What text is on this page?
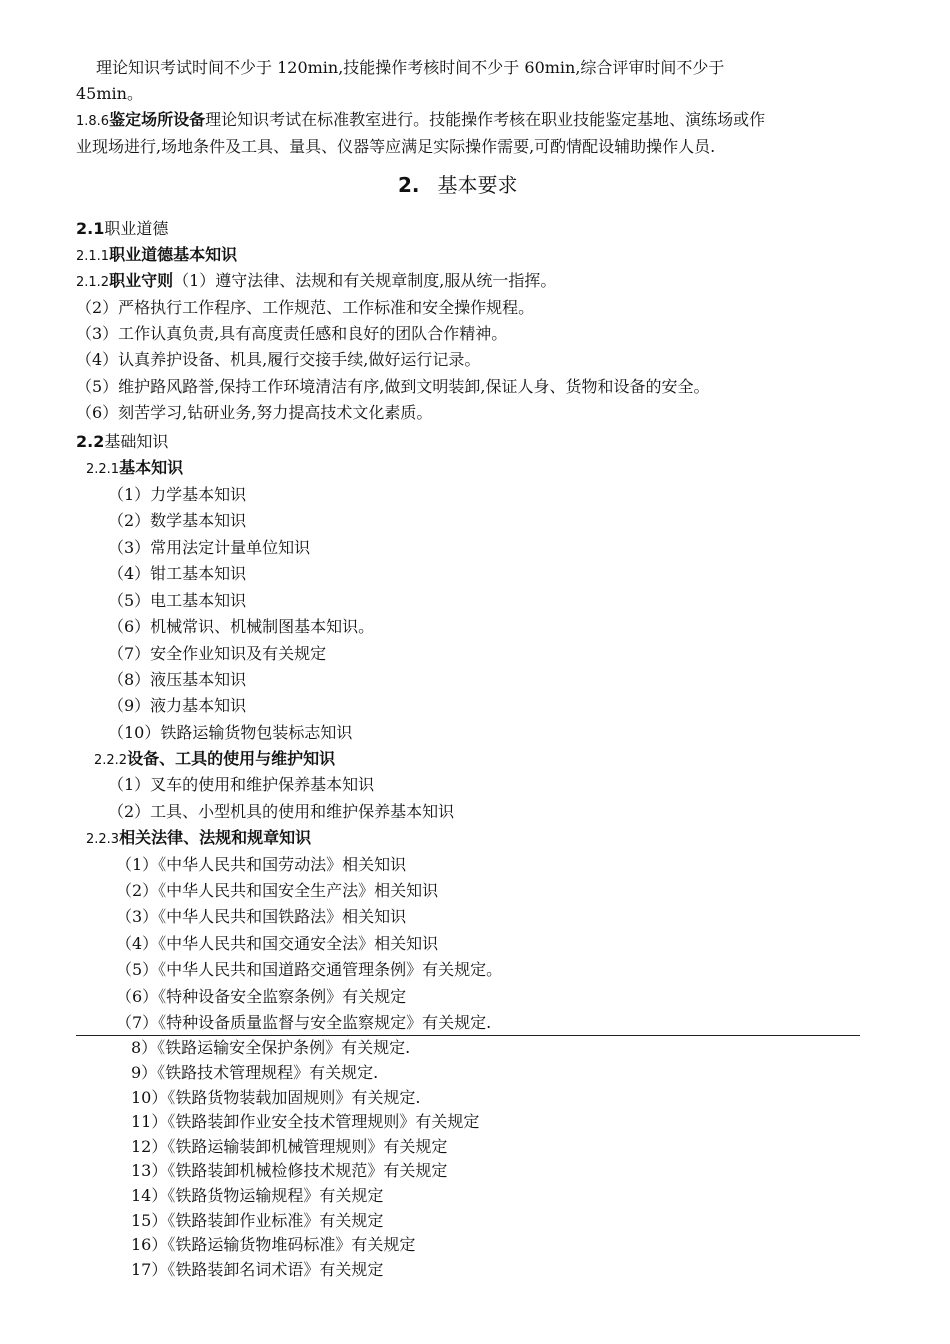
理论知识考试时间不少于 120min,技能操作考核时间不少于 60min,综合评审时间不少于
45min。
1.8.6鉴定场所设备理论知识考试在标准教室进行。技能操作考核在职业技能鉴定基地、演练场或作
业现场进行,场地条件及工具、量具、仪器等应满足实际操作需要,可酌情配设辅助操作人员.
2. 基本要求
2.1职业道德
2.1.1职业道德基本知识
2.1.2职业守则（1）遵守法律、法规和有关规章制度,服从统一指挥。
（2）严格执行工作程序、工作规范、工作标准和安全操作规程。
（3）工作认真负责,具有高度责任感和良好的团队合作精神。
（4）认真养护设备、机具,履行交接手续,做好运行记录。
（5）维护路风路誉,保持工作环境清洁有序,做到文明装卸,保证人身、货物和设备的安全。
（6）刻苦学习,钻研业务,努力提高技术文化素质。
2.2基础知识
2.2.1基本知识
（1）力学基本知识
（2）数学基本知识
（3）常用法定计量单位知识
（4）钳工基本知识
（5）电工基本知识
（6）机械常识、机械制图基本知识。
（7）安全作业知识及有关规定
（8）液压基本知识
（9）液力基本知识
（10）铁路运输货物包装标志知识
2.2.2设备、工具的使用与维护知识
（1）叉车的使用和维护保养基本知识
（2）工具、小型机具的使用和维护保养基本知识
2.2.3相关法律、法规和规章知识
（1）《中华人民共和国劳动法》相关知识
（2）《中华人民共和国安全生产法》相关知识
（3）《中华人民共和国铁路法》相关知识
（4）《中华人民共和国交通安全法》相关知识
（5）《中华人民共和国道路交通管理条例》有关规定。
（6）《特种设备安全监察条例》有关规定
（7）《特种设备质量监督与安全监察规定》有关规定.
8）《铁路运输安全保护条例》有关规定.
9）《铁路技术管理规程》有关规定.
10）《铁路货物装载加固规则》有关规定.
11）《铁路装卸作业安全技术管理规则》有关规定
12）《铁路运输装卸机械管理规则》有关规定
13）《铁路装卸机械检修技术规范》有关规定
14）《铁路货物运输规程》有关规定
15）《铁路装卸作业标准》有关规定
16）《铁路运输货物堆码标准》有关规定
17）《铁路装卸名词术语》有关规定
